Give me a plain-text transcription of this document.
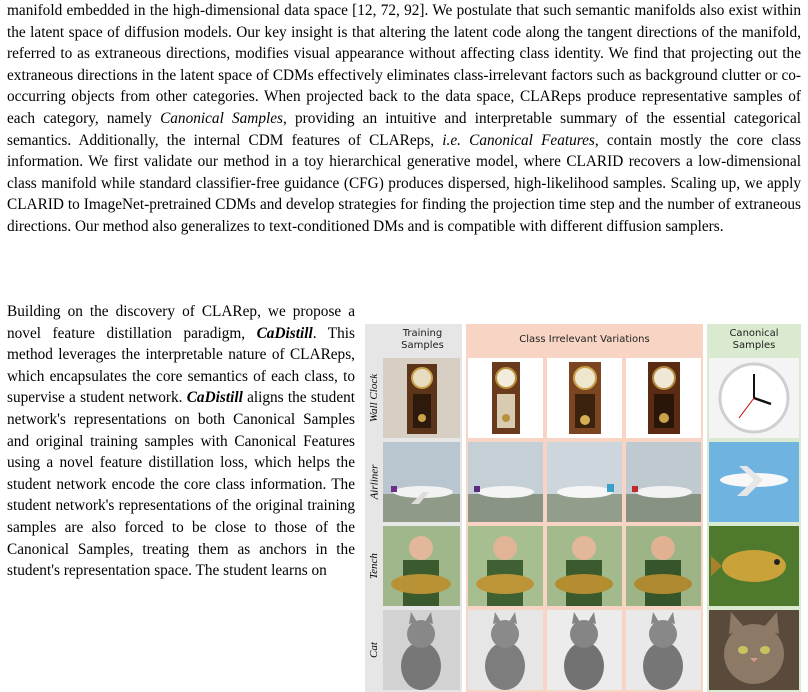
manifold embedded in the high-dimensional data space [12, 72, 92]. We postulate that such semantic manifolds also exist within the latent space of diffusion models. Our key insight is that altering the latent code along the tangent directions of the manifold, referred to as extraneous directions, modifies visual appearance without affecting class identity. We find that projecting out the extraneous directions in the latent space of CDMs effectively eliminates class-irrelevant factors such as background clutter or co-occurring objects from other categories. When projected back to the data space, CLAReps produce representative samples of each category, namely Canonical Samples, providing an intuitive and interpretable summary of the essential categorical semantics. Additionally, the internal CDM features of CLAReps, i.e. Canonical Features, contain mostly the core class information. We first validate our method in a toy hierarchical generative model, where CLARID recovers a low-dimensional class manifold while standard classifier-free guidance (CFG) produces dispersed, high-likelihood samples. Scaling up, we apply CLARID to ImageNet-pretrained CDMs and develop strategies for finding the projection time step and the number of extraneous directions. Our method also generalizes to text-conditioned DMs and is compatible with different diffusion samplers.
Building on the discovery of CLARep, we propose a novel feature distillation paradigm, CaDistill. This method leverages the interpretable nature of CLAReps, which encapsulates the core semantics of each class, to supervise a student network. CaDistill aligns the student network's representations on both Canonical Samples and original training samples with Canonical Features using a novel feature distillation loss, which helps the student network encode the core class information. The student network's representations of the original training samples are also forced to be close to those of the Canonical Samples, treating them as anchors in the student's representation space. The student learns on
Training Samples
Class Irrelevant Variations
Canonical Samples
Wall Clock
Airliner
Tench
Cat
